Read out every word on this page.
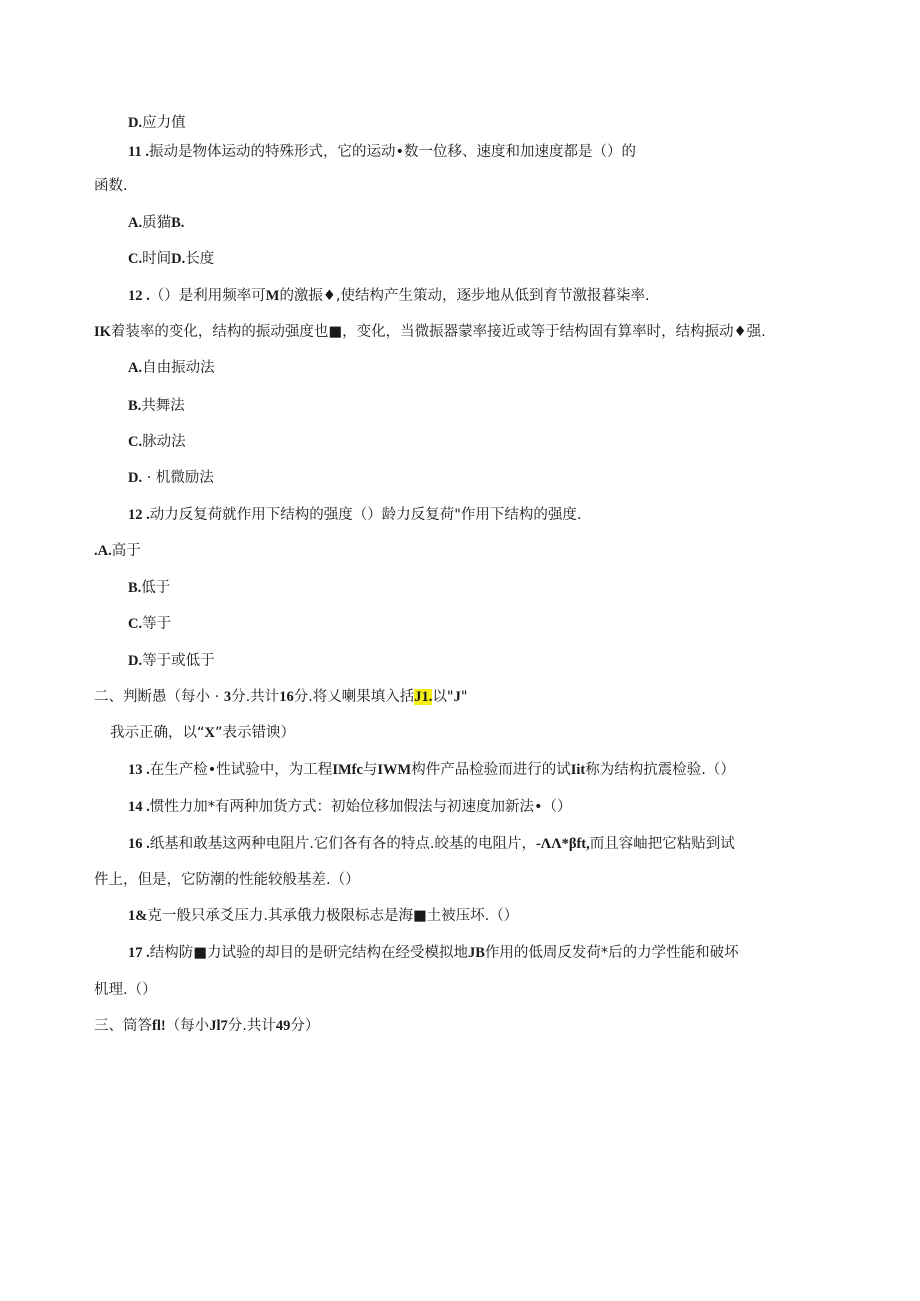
D.应力值
11 .振动是物体运动的特殊形式，它的运动•数一位移、速度和加速度都是（）的
函数.
A.质猫B.
C.时间D.长度
12 .（）是利用频率可M的激振♦,使结构产生策动，逐步地从低到育节激报暮柒率.
IK着装率的变化，结构的振动强度也■，变化，当微振器蒙率接近或等于结构固有算率时，结构振动♦强.
A.自由振动法
B.共舞法
C.脉动法
D. · 机微励法
12 .动力反复荷就作用下结构的强度（）龄力反复荷"作用下结构的强度.
.A.高于
B.低于
C.等于
D.等于或低于
二、判断愚（每小 · 3分.共计16分.将乂喇果填入括J1.以"J"
我示正确，以“X”表示错谀）
13 .在生产检•性试验中，为工程IMfc与IWM构件产品检验而进行的试Iit称为结构抗震检验.（）
14 .惯性力加*有两种加货方式：初始位移加假法与初速度加新法•（）
16 .纸基和敢基这两种电阻片.它们各有各的特点.皎基的电阻片，-ΛΛ*βft,而且容岫把它粘贴到试
件上，但是，它防潮的性能较般基差.（）
1&克一般只承爻压力.其承俄力极限标志是海■土被压坏.（）
17 .结构防■力试验的却目的是研完结构在经受模拟地JB作用的低周反发荷*后的力学性能和破坏
机理.（）
三、筒答fl!（每小Jl7分.共计49分）
